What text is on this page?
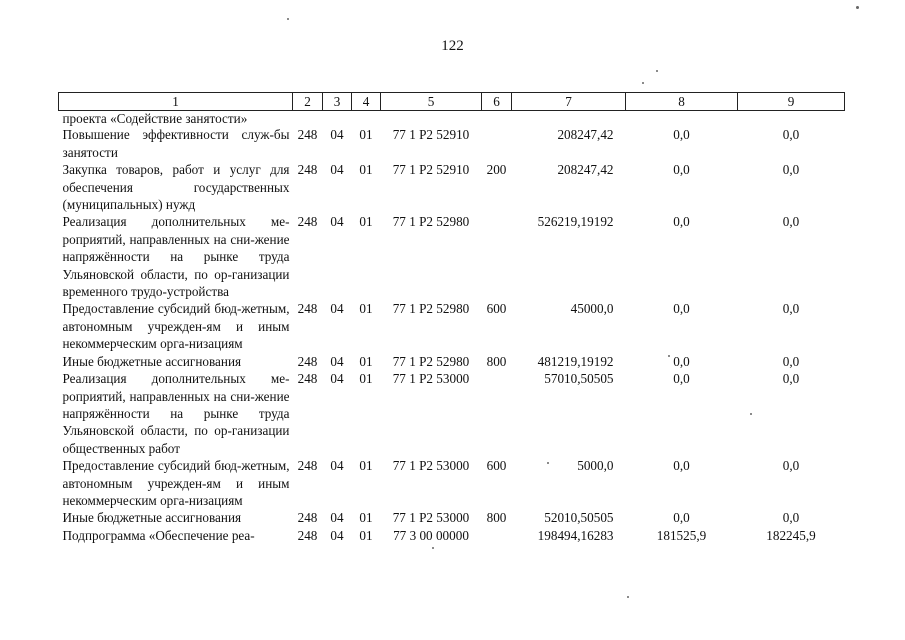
122
1	2	3	4	5	6	7	8	9
проекта «Содействие занятости»								
Повышение эффективности служ-бы занятости	248	04	01	77 1 Р2 52910		208247,42	0,0	0,0
Закупка товаров, работ и услуг для обеспечения государственных (муниципальных) нужд	248	04	01	77 1 Р2 52910	200	208247,42	0,0	0,0
Реализация дополнительных ме-роприятий, направленных на сни-жение напряжённости на рынке труда Ульяновской области, по ор-ганизации временного трудо-устройства	248	04	01	77 1 Р2 52980		526219,19192	0,0	0,0
Предоставление субсидий бюд-жетным, автономным учрежден-ям и иным некоммерческим орга-низациям	248	04	01	77 1 Р2 52980	600	45000,0	0,0	0,0
Иные бюджетные ассигнования	248	04	01	77 1 Р2 52980	800	481219,19192	0,0	0,0
Реализация дополнительных ме-роприятий, направленных на сни-жение напряжённости на рынке труда Ульяновской области, по ор-ганизации общественных работ	248	04	01	77 1 Р2 53000		57010,50505	0,0	0,0
Предоставление субсидий бюд-жетным, автономным учрежден-ям и иным некоммерческим орга-низациям	248	04	01	77 1 Р2 53000	600	5000,0	0,0	0,0
Иные бюджетные ассигнования	248	04	01	77 1 Р2 53000	800	52010,50505	0,0	0,0
Подпрограмма «Обеспечение реа-	248	04	01	77 3 00 00000		198494,16283	181525,9	182245,9
